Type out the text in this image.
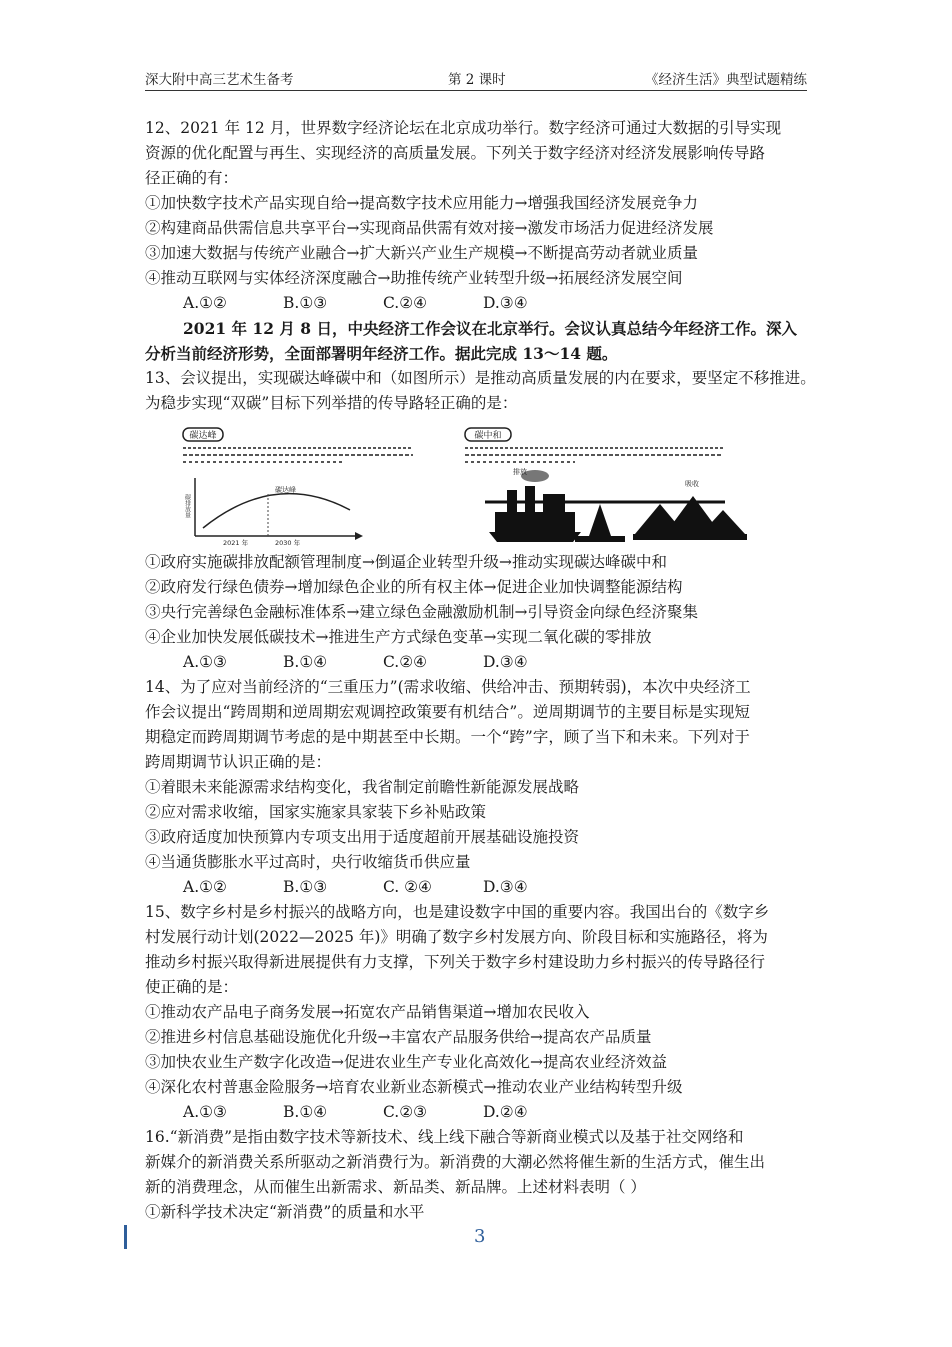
深大附中高三艺术生备考	第 2 课时	《经济生活》典型试题精练
12、2021 年 12 月，世界数字经济论坛在北京成功举行。数字经济可通过大数据的引导实现
资源的优化配置与再生、实现经济的高质量发展。下列关于数字经济对经济发展影响传导路
径正确的有：
①加快数字技术产品实现自给→提高数字技术应用能力→增强我国经济发展竞争力
②构建商品供需信息共享平台→实现商品供需有效对接→激发市场活力促进经济发展
③加速大数据与传统产业融合→扩大新兴产业生产规模→不断提高劳动者就业质量
④推动互联网与实体经济深度融合→助推传统产业转型升级→拓展经济发展空间
A.①②	B.①③	C.②④	D.③④
2021 年 12 月 8 日，中央经济工作会议在北京举行。会议认真总结今年经济工作。深入
分析当前经济形势，全面部署明年经济工作。据此完成 13～14 题。
13、会议提出，实现碳达峰碳中和（如图所示）是推动高质量发展的内在要求，要坚定不移推进。
为稳步实现“双碳”目标下列举措的传导路轻正确的是：
碳达峰
碳排放量
碳达峰
2021 年	2030 年
碳中和
排放
吸收
①政府实施碳排放配额管理制度→倒逼企业转型升级→推动实现碳达峰碳中和
②政府发行绿色债券→增加绿色企业的所有权主体→促进企业加快调整能源结构
③央行完善绿色金融标准体系→建立绿色金融激励机制→引导资金向绿色经济聚集
④企业加快发展低碳技术→推进生产方式绿色变革→实现二氧化碳的零排放
A.①③	B.①④	C.②④	D.③④
14、为了应对当前经济的“三重压力”(需求收缩、供给冲击、预期转弱)，本次中央经济工
作会议提出“跨周期和逆周期宏观调控政策要有机结合”。逆周期调节的主要目标是实现短
期稳定而跨周期调节考虑的是中期甚至中长期。一个“跨”字，顾了当下和未来。下列对于
跨周期调节认识正确的是：
①着眼未来能源需求结构变化，我省制定前瞻性新能源发展战略
②应对需求收缩，国家实施家具家装下乡补贴政策
③政府适度加快预算内专项支出用于适度超前开展基础设施投资
④当通货膨胀水平过高时，央行收缩货币供应量
A.①②	B.①③	C. ②④	D.③④
15、数字乡村是乡村振兴的战略方向，也是建设数字中国的重要内容。我国出台的《数字乡
村发展行动计划(2022—2025 年)》明确了数字乡村发展方向、阶段目标和实施路径，将为
推动乡村振兴取得新进展提供有力支撑，下列关于数字乡村建设助力乡村振兴的传导路径行
使正确的是：
①推动农产品电子商务发展→拓宽农产品销售渠道→增加农民收入
②推进乡村信息基础设施优化升级→丰富农产品服务供给→提高农产品质量
③加快农业生产数字化改造→促进农业生产专业化高效化→提高农业经济效益
④深化农村普惠金险服务→培育农业新业态新模式→推动农业产业结构转型升级
A.①③	B.①④	C.②③	D.②④
16.“新消费”是指由数字技术等新技术、线上线下融合等新商业模式以及基于社交网络和
新媒介的新消费关系所驱动之新消费行为。新消费的大潮必然将催生新的生活方式，催生出
新的消费理念，从而催生出新需求、新品类、新品牌。上述材料表明（ ）
①新科学技术决定“新消费”的质量和水平
3
